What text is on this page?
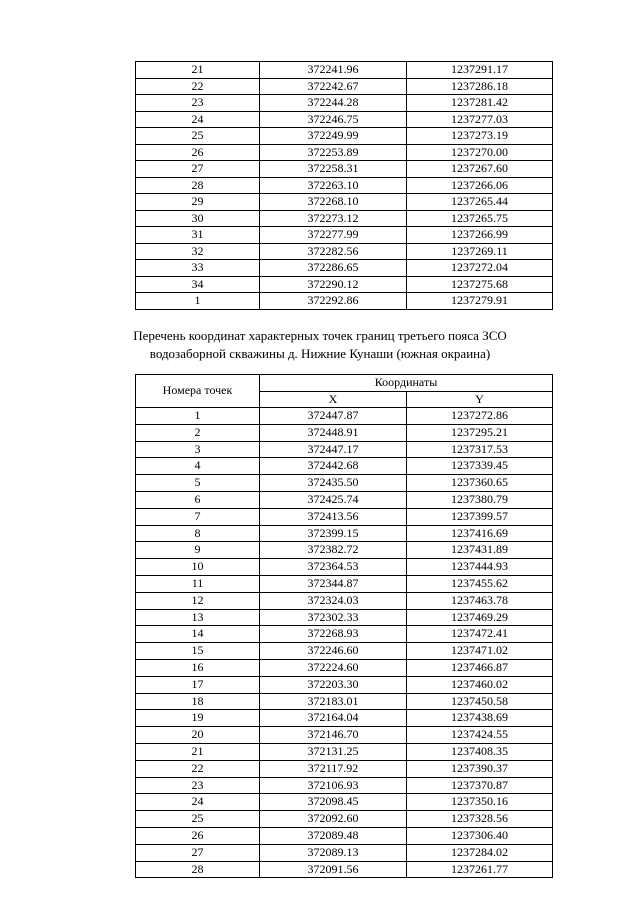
21	372241.96	1237291.17
22	372242.67	1237286.18
23	372244.28	1237281.42
24	372246.75	1237277.03
25	372249.99	1237273.19
26	372253.89	1237270.00
27	372258.31	1237267.60
28	372263.10	1237266.06
29	372268.10	1237265.44
30	372273.12	1237265.75
31	372277.99	1237266.99
32	372282.56	1237269.11
33	372286.65	1237272.04
34	372290.12	1237275.68
1	372292.86	1237279.91
Перечень координат характерных точек границ третьего пояса ЗСО
водозаборной скважины д. Нижние Кунаши (южная окраина)
Номера точек	Координаты	
	X	Y
1	372447.87	1237272.86
2	372448.91	1237295.21
3	372447.17	1237317.53
4	372442.68	1237339.45
5	372435.50	1237360.65
6	372425.74	1237380.79
7	372413.56	1237399.57
8	372399.15	1237416.69
9	372382.72	1237431.89
10	372364.53	1237444.93
11	372344.87	1237455.62
12	372324.03	1237463.78
13	372302.33	1237469.29
14	372268.93	1237472.41
15	372246.60	1237471.02
16	372224.60	1237466.87
17	372203.30	1237460.02
18	372183.01	1237450.58
19	372164.04	1237438.69
20	372146.70	1237424.55
21	372131.25	1237408.35
22	372117.92	1237390.37
23	372106.93	1237370.87
24	372098.45	1237350.16
25	372092.60	1237328.56
26	372089.48	1237306.40
27	372089.13	1237284.02
28	372091.56	1237261.77
